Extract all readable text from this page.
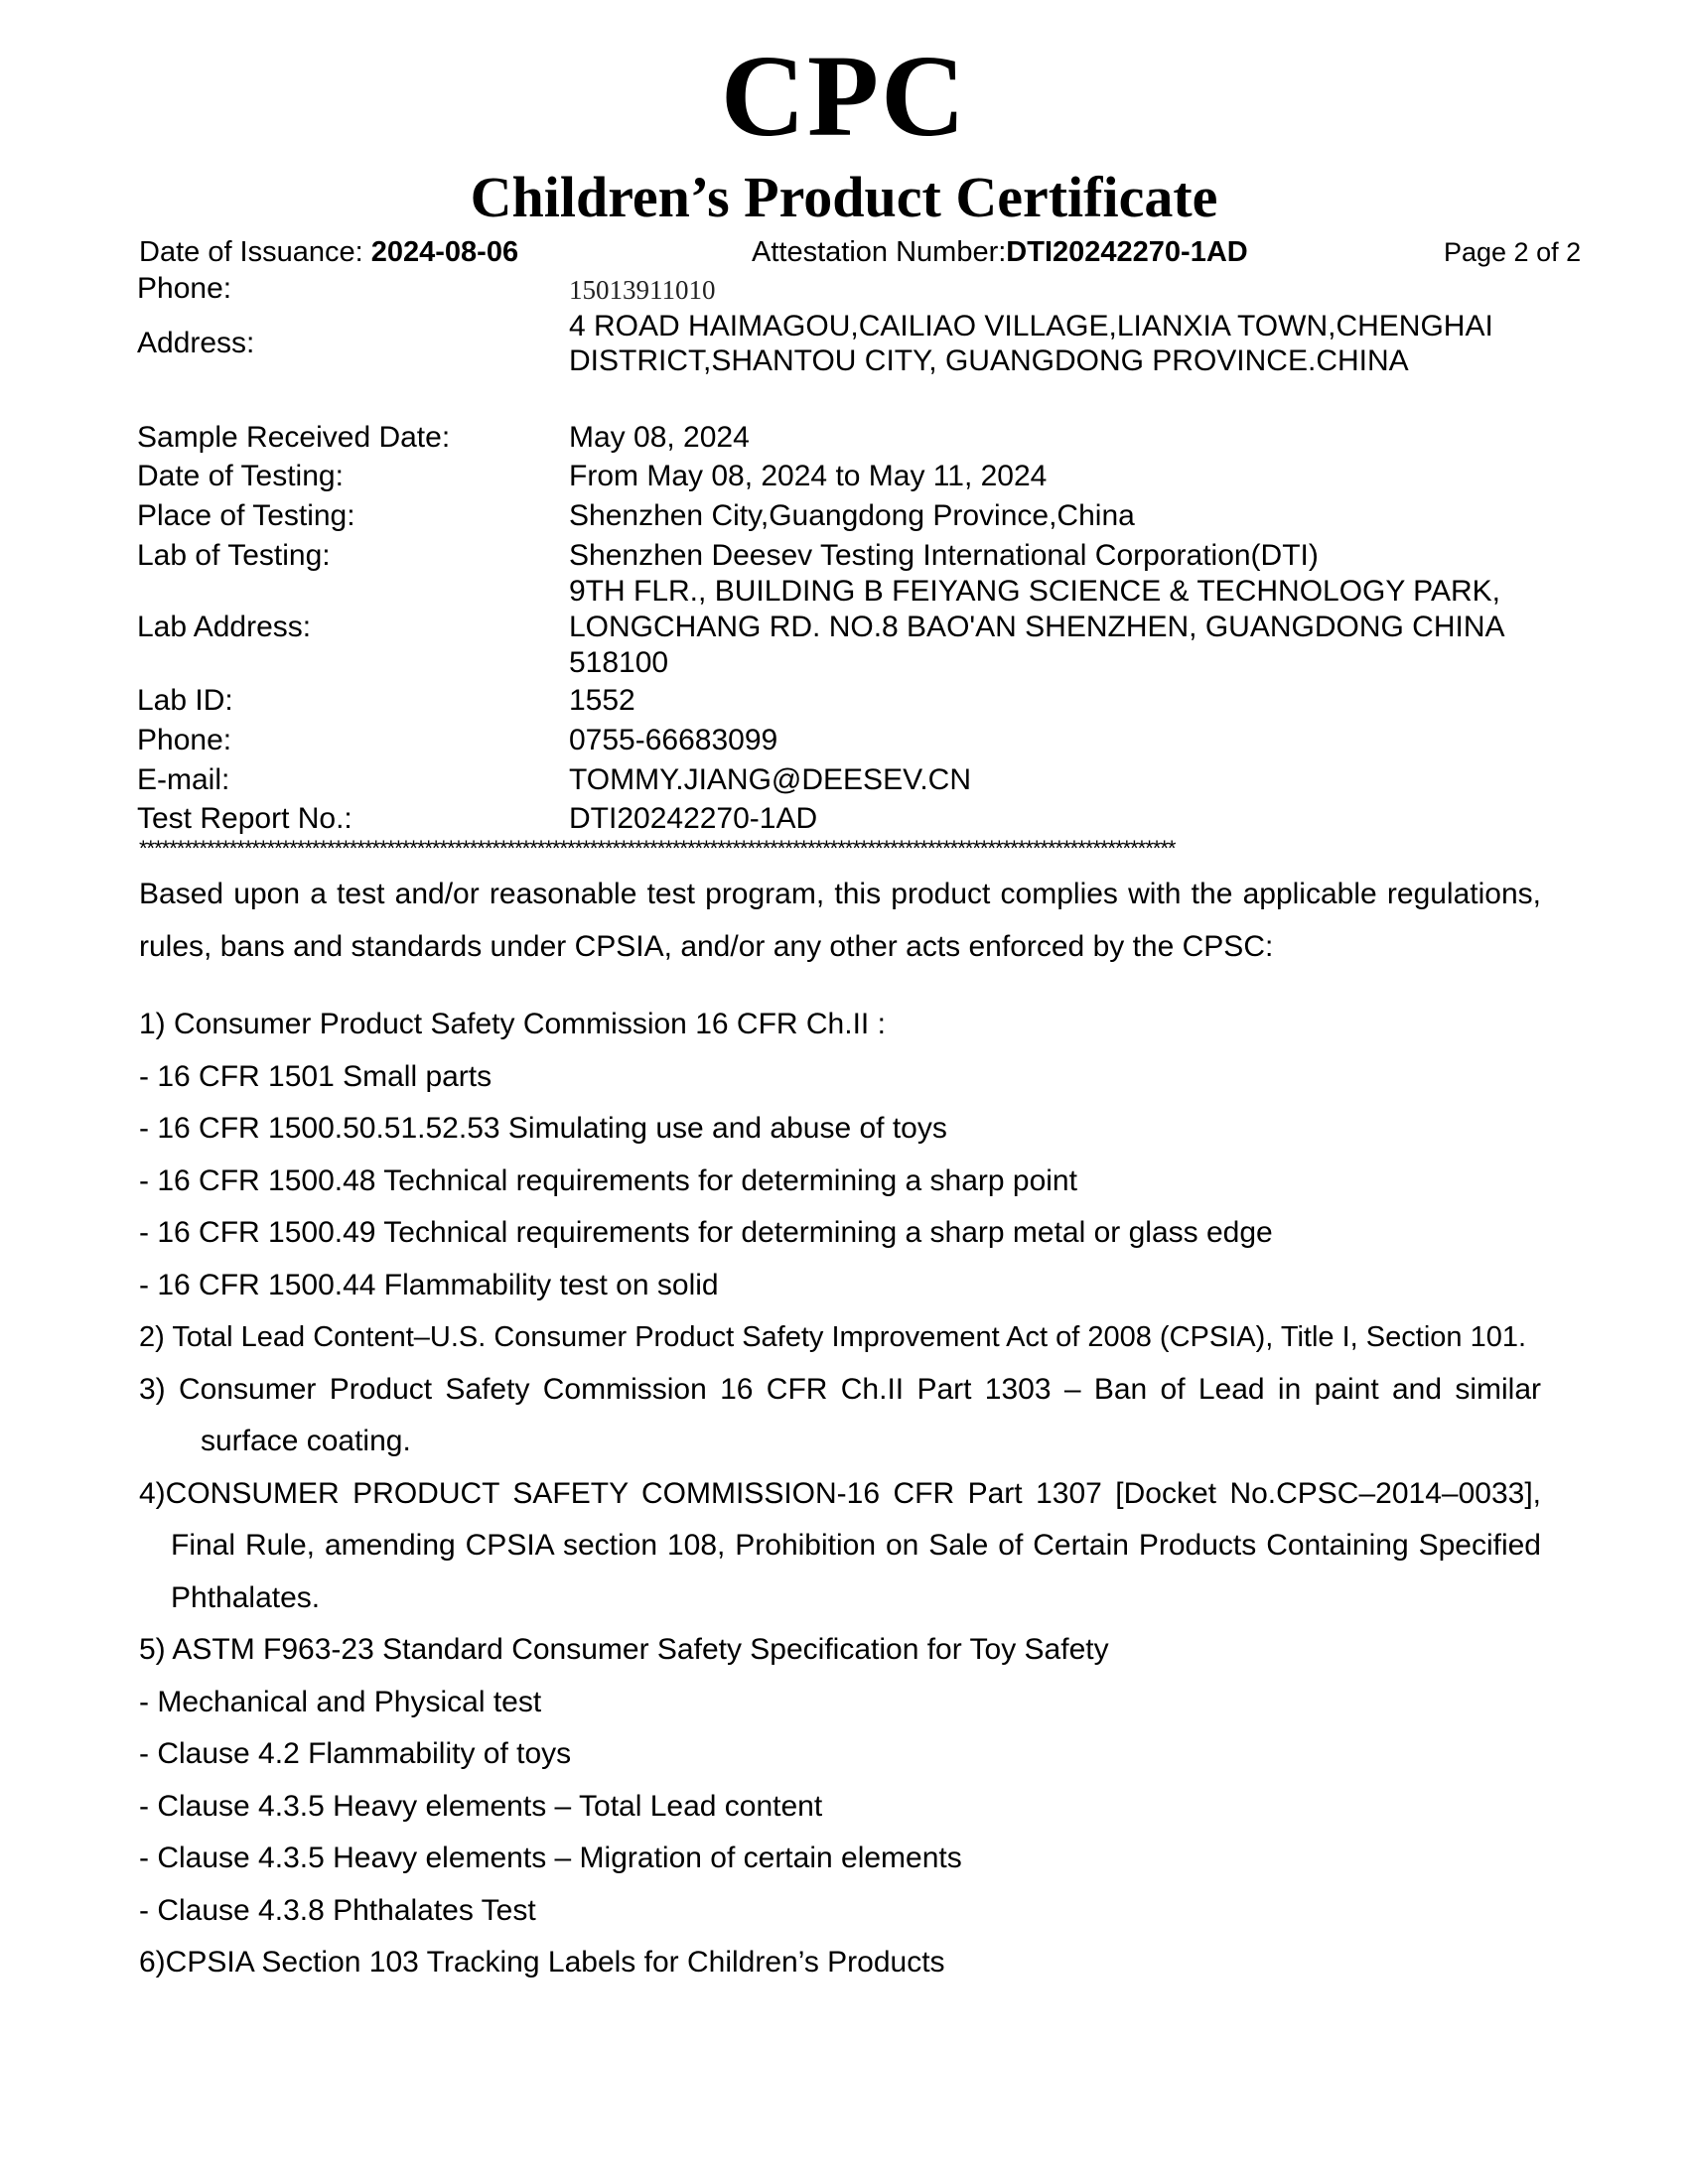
CPC
Children’s Product Certificate
Date of Issuance: 2024-08-06	Attestation Number:DTI20242270-1AD	Page 2 of 2
Phone:	15013911010
Address:
4 ROAD HAIMAGOU,CAILIAO VILLAGE,LIANXIA TOWN,CHENGHAI
DISTRICT,SHANTOU CITY, GUANGDONG PROVINCE.CHINA
Sample Received Date:	May 08, 2024
Date of Testing:	From May 08, 2024 to May 11, 2024
Place of Testing:	Shenzhen City,Guangdong Province,China
Lab of Testing:	Shenzhen Deesev Testing International Corporation(DTI)
Lab Address:
9TH FLR., BUILDING B FEIYANG SCIENCE & TECHNOLOGY PARK,
LONGCHANG RD. NO.8 BAO'AN SHENZHEN, GUANGDONG CHINA
518100
Lab ID:	1552
Phone:	0755-66683099
E-mail:	TOMMY.JIANG@DEESEV.CN
Test Report No.:	DTI20242270-1AD
******************************************************************************************************************************************

Based upon a test and/or reasonable test program, this product complies with the applicable regulations, rules, bans and standards under CPSIA, and/or any other acts enforced by the CPSC:

1) Consumer Product Safety Commission 16 CFR Ch.II :

- 16 CFR 1501 Small parts

- 16 CFR 1500.50.51.52.53 Simulating use and abuse of toys

- 16 CFR 1500.48 Technical requirements for determining a sharp point

- 16 CFR 1500.49 Technical requirements for determining a sharp metal or glass edge

- 16 CFR 1500.44 Flammability test on solid

2) Total Lead Content–U.S. Consumer Product Safety Improvement Act of 2008 (CPSIA), Title I, Section 101.

3) Consumer Product Safety Commission 16 CFR Ch.II Part 1303 – Ban of Lead in paint and similar surface coating.

4)CONSUMER PRODUCT SAFETY COMMISSION-16 CFR Part 1307 [Docket No.CPSC–2014–0033], Final Rule, amending CPSIA section 108, Prohibition on Sale of Certain Products Containing Specified Phthalates.

5) ASTM F963-23 Standard Consumer Safety Specification for Toy Safety

- Mechanical and Physical test

- Clause 4.2 Flammability of toys

- Clause 4.3.5 Heavy elements – Total Lead content

- Clause 4.3.5 Heavy elements – Migration of certain elements

- Clause 4.3.8 Phthalates Test

6)CPSIA Section 103 Tracking Labels for Children’s Products
